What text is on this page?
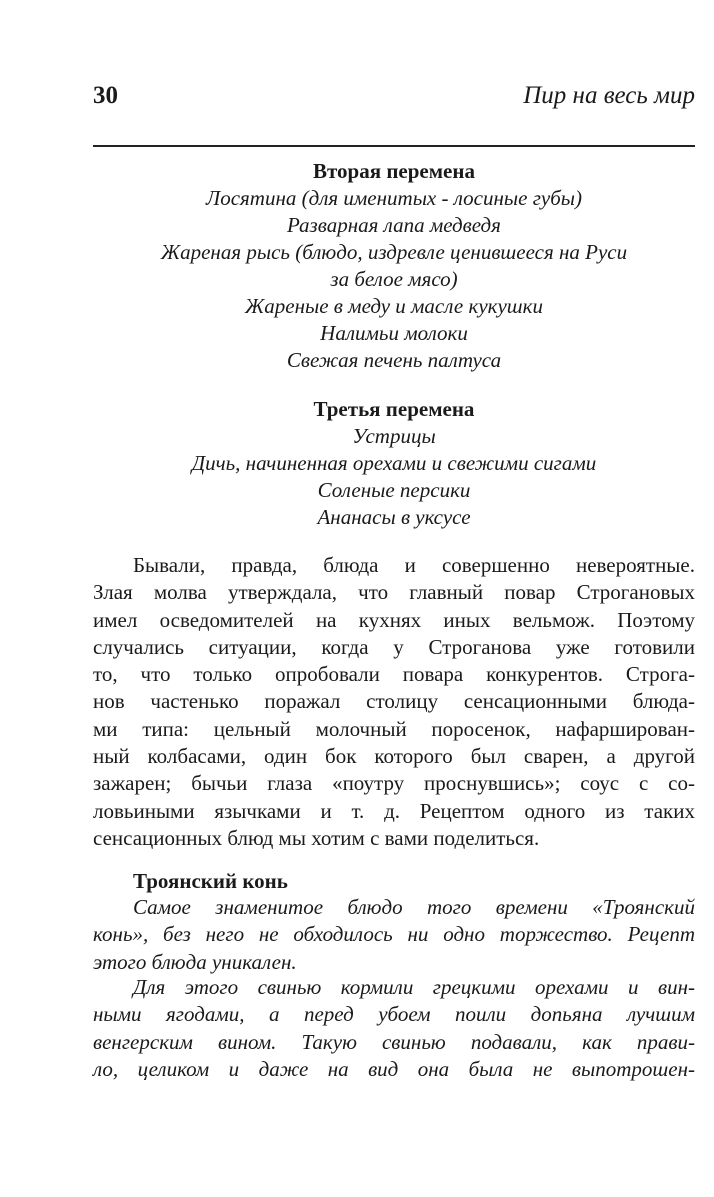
30	Пир на весь мир
Вторая перемена
Лосятина (для именитых - лосиные губы)
Разварная лапа медведя
Жареная рысь (блюдо, издревле ценившееся на Руси
за белое мясо)
Жареные в меду и масле кукушки
Налимьи молоки
Свежая печень палтуса
Третья перемена
Устрицы
Дичь, начиненная орехами и свежими сигами
Соленые персики
Ананасы в уксусе
Бывали, правда, блюда и совершенно невероятные.
Злая молва утверждала, что главный повар Строгановых
имел осведомителей на кухнях иных вельмож. Поэтому
случались ситуации, когда у Строганова уже готовили
то, что только опробовали повара конкурентов. Строга-
нов частенько поражал столицу сенсационными блюда-
ми типа: цельный молочный поросенок, нафарширован-
ный колбасами, один бок которого был сварен, а другой
зажарен; бычьи глаза «поутру проснувшись»; соус с со-
ловьиными язычками и т. д. Рецептом одного из таких
сенсационных блюд мы хотим с вами поделиться.
Троянский конь
Самое знаменитое блюдо того времени «Троянский
конь», без него не обходилось ни одно торжество. Рецепт
этого блюда уникален.
Для этого свинью кормили грецкими орехами и вин-
ными ягодами, а перед убоем поили допьяна лучшим
венгерским вином. Такую свинью подавали, как прави-
ло, целиком и даже на вид она была не выпотрошен-
